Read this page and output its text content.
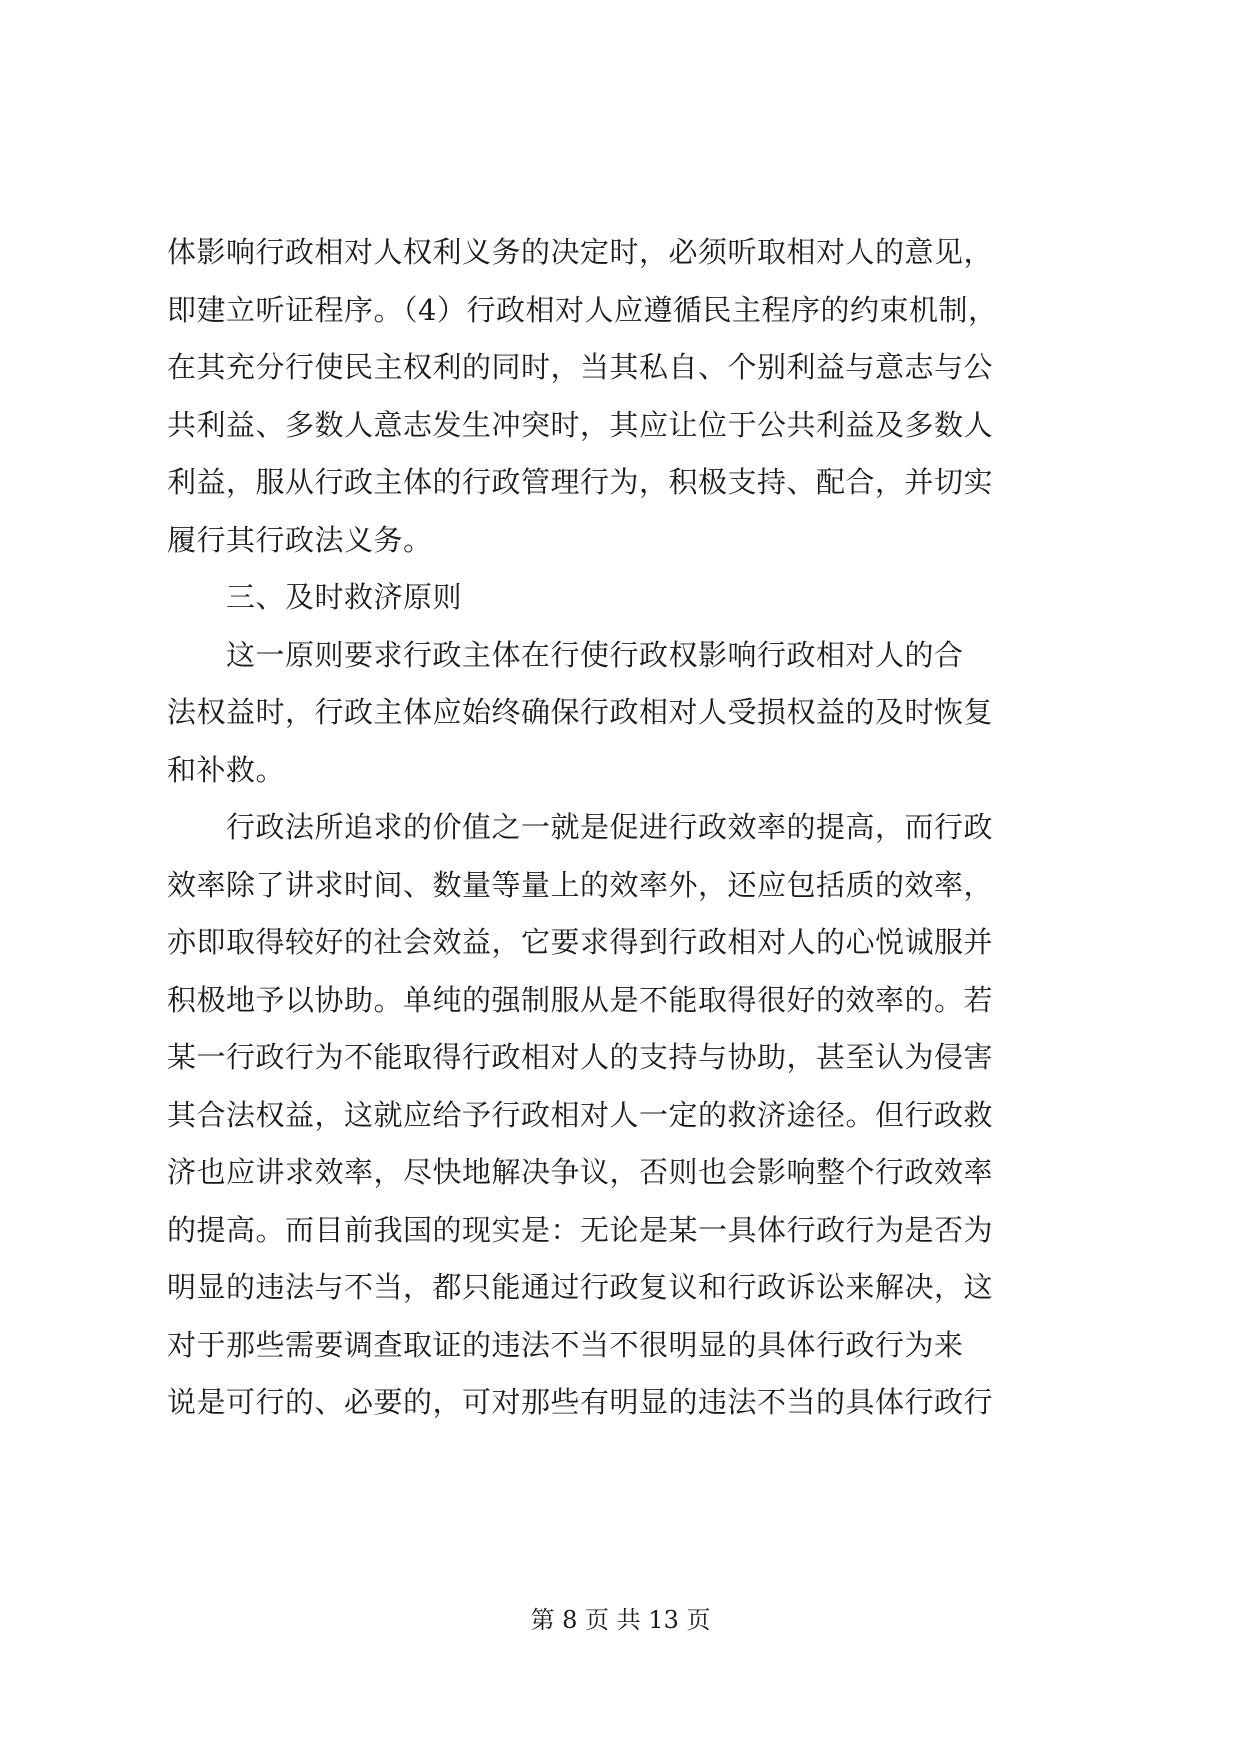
体影响行政相对人权利义务的决定时，必须听取相对人的意见，
即建立听证程序。（4）行政相对人应遵循民主程序的约束机制，
在其充分行使民主权利的同时，当其私自、个别利益与意志与公
共利益、多数人意志发生冲突时，其应让位于公共利益及多数人
利益，服从行政主体的行政管理行为，积极支持、配合，并切实
履行其行政法义务。
　　三、及时救济原则
　　这一原则要求行政主体在行使行政权影响行政相对人的合
法权益时，行政主体应始终确保行政相对人受损权益的及时恢复
和补救。
　　行政法所追求的价值之一就是促进行政效率的提高，而行政
效率除了讲求时间、数量等量上的效率外，还应包括质的效率，
亦即取得较好的社会效益，它要求得到行政相对人的心悦诚服并
积极地予以协助。单纯的强制服从是不能取得很好的效率的。若
某一行政行为不能取得行政相对人的支持与协助，甚至认为侵害
其合法权益，这就应给予行政相对人一定的救济途径。但行政救
济也应讲求效率，尽快地解决争议，否则也会影响整个行政效率
的提高。而目前我国的现实是：无论是某一具体行政行为是否为
明显的违法与不当，都只能通过行政复议和行政诉讼来解决，这
对于那些需要调查取证的违法不当不很明显的具体行政行为来
说是可行的、必要的，可对那些有明显的违法不当的具体行政行
第 8 页 共 13 页
